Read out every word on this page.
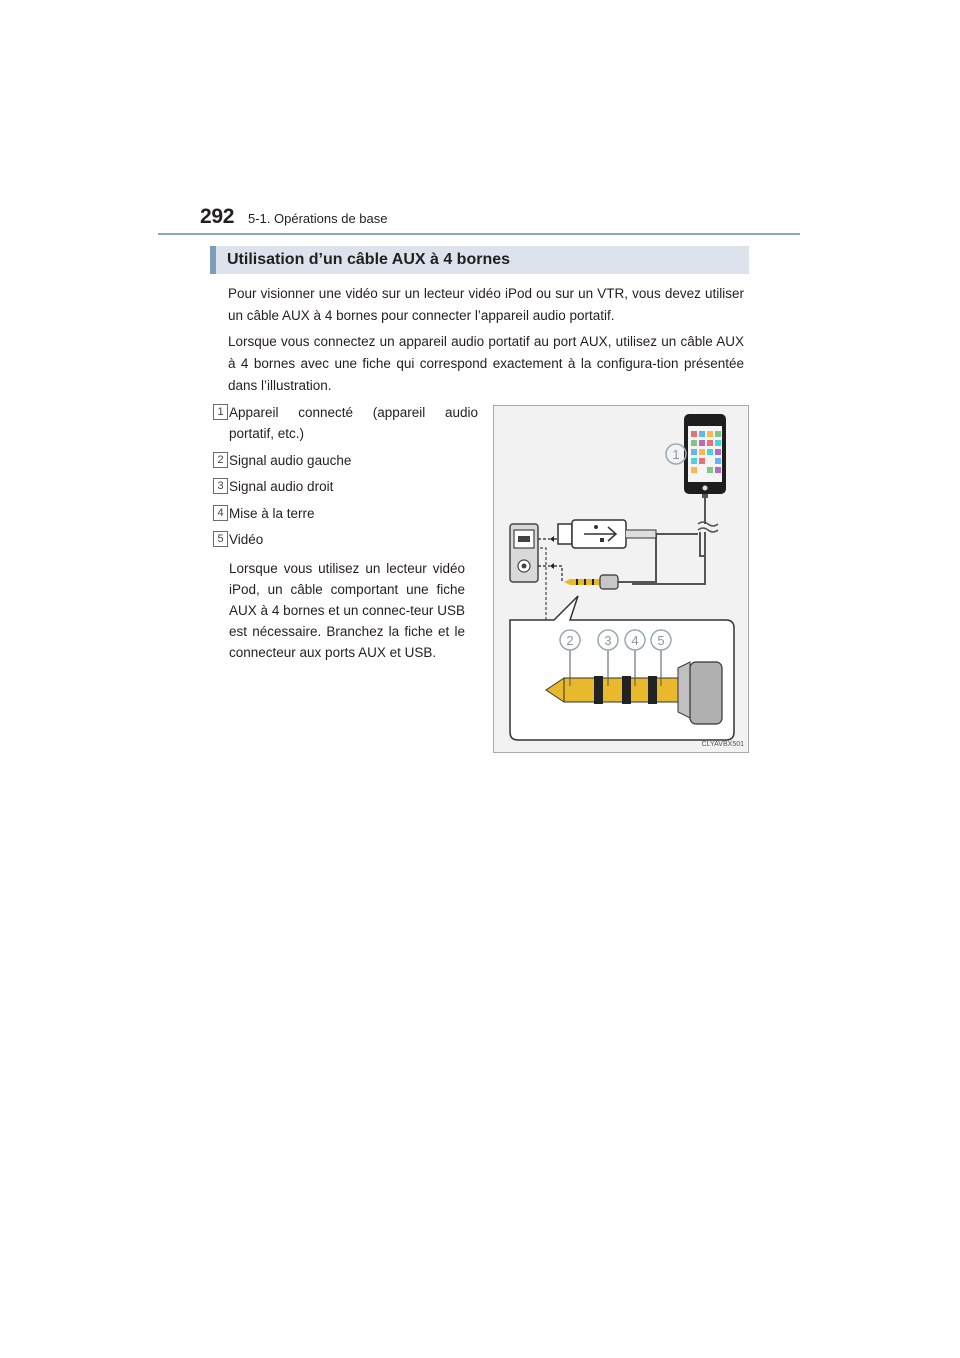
292 5-1. Opérations de base
Utilisation d’un câble AUX à 4 bornes
Pour visionner une vidéo sur un lecteur vidéo iPod ou sur un VTR, vous devez utiliser un câble AUX à 4 bornes pour connecter l’appareil audio portatif.
Lorsque vous connectez un appareil audio portatif au port AUX, utilisez un câble AUX à 4 bornes avec une fiche qui correspond exactement à la configura-tion présentée dans l’illustration.
1 Appareil connecté (appareil audio portatif, etc.)
2 Signal audio gauche
3 Signal audio droit
4 Mise à la terre
5 Vidéo
Lorsque vous utilisez un lecteur vidéo iPod, un câble comportant une fiche AUX à 4 bornes et un connec-teur USB est nécessaire. Branchez la fiche et le connecteur aux ports AUX et USB.
1
2 3 4 5
CLYAVBX501
